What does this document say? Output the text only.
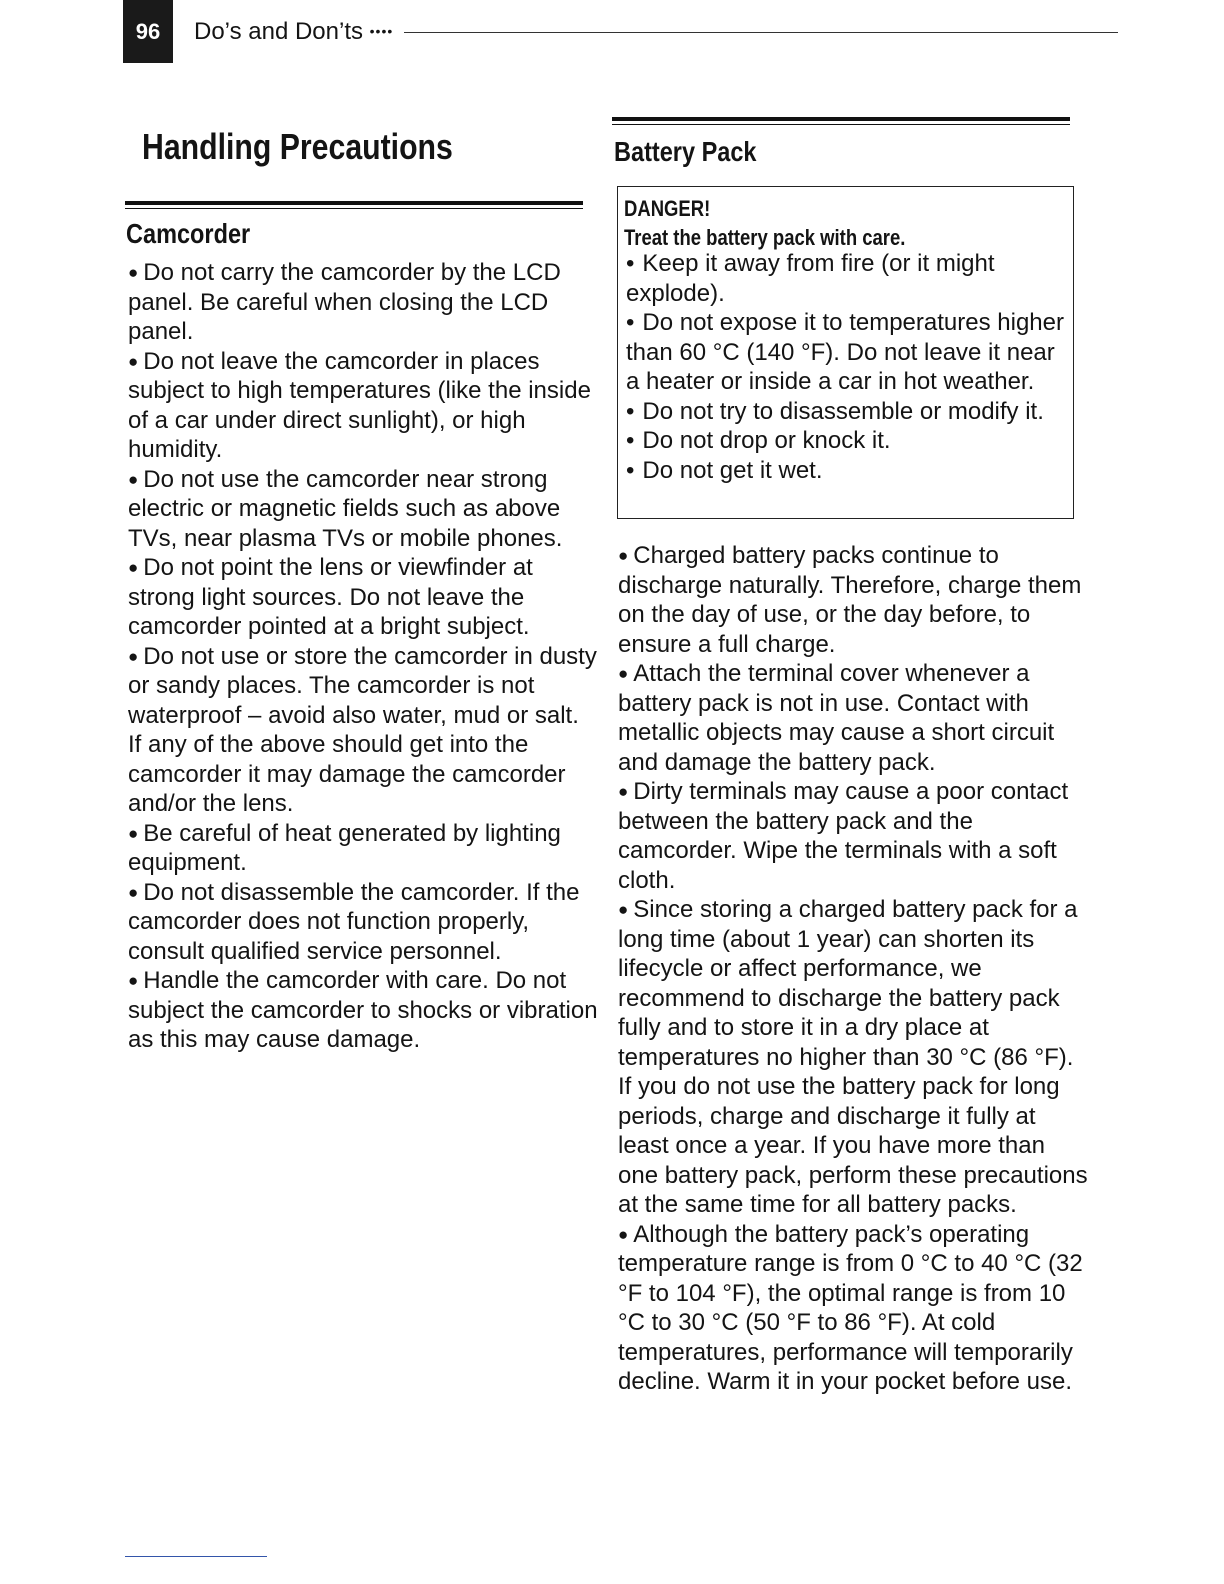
96	Do’s and Don’ts ••••
Handling Precautions
Camcorder

● Do not carry the camcorder by the LCD panel. Be careful when closing the LCD panel.

● Do not leave the camcorder in places subject to high temperatures (like the inside of a car under direct sunlight), or high humidity.

● Do not use the camcorder near strong electric or magnetic fields such as above TVs, near plasma TVs or mobile phones.

● Do not point the lens or viewfinder at strong light sources. Do not leave the camcorder pointed at a bright subject.

● Do not use or store the camcorder in dusty or sandy places. The camcorder is not waterproof – avoid also water, mud or salt. If any of the above should get into the camcorder it may damage the camcorder and/or the lens.

● Be careful of heat generated by lighting equipment.

● Do not disassemble the camcorder. If the camcorder does not function properly, consult qualified service personnel.

● Handle the camcorder with care. Do not subject the camcorder to shocks or vibration as this may cause damage.

Battery Pack
DANGER!
Treat the battery pack with care.

• Keep it away from fire (or it might explode).

• Do not expose it to temperatures higher than 60 °C (140 °F). Do not leave it near a heater or inside a car in hot weather.

• Do not try to disassemble or modify it.

• Do not drop or knock it.

• Do not get it wet.

● Charged battery packs continue to discharge naturally. Therefore, charge them on the day of use, or the day before, to ensure a full charge.

● Attach the terminal cover whenever a battery pack is not in use. Contact with metallic objects may cause a short circuit and damage the battery pack.

● Dirty terminals may cause a poor contact between the battery pack and the camcorder. Wipe the terminals with a soft cloth.

● Since storing a charged battery pack for a long time (about 1 year) can shorten its lifecycle or affect performance, we recommend to discharge the battery pack fully and to store it in a dry place at temperatures no higher than 30 °C (86 °F). If you do not use the battery pack for long periods, charge and discharge it fully at least once a year. If you have more than one battery pack, perform these precautions at the same time for all battery packs.

● Although the battery pack’s operating temperature range is from 0 °C to 40 °C (32 °F to 104 °F), the optimal range is from 10 °C to 30 °C (50 °F to 86 °F). At cold temperatures, performance will temporarily decline. Warm it in your pocket before use.
